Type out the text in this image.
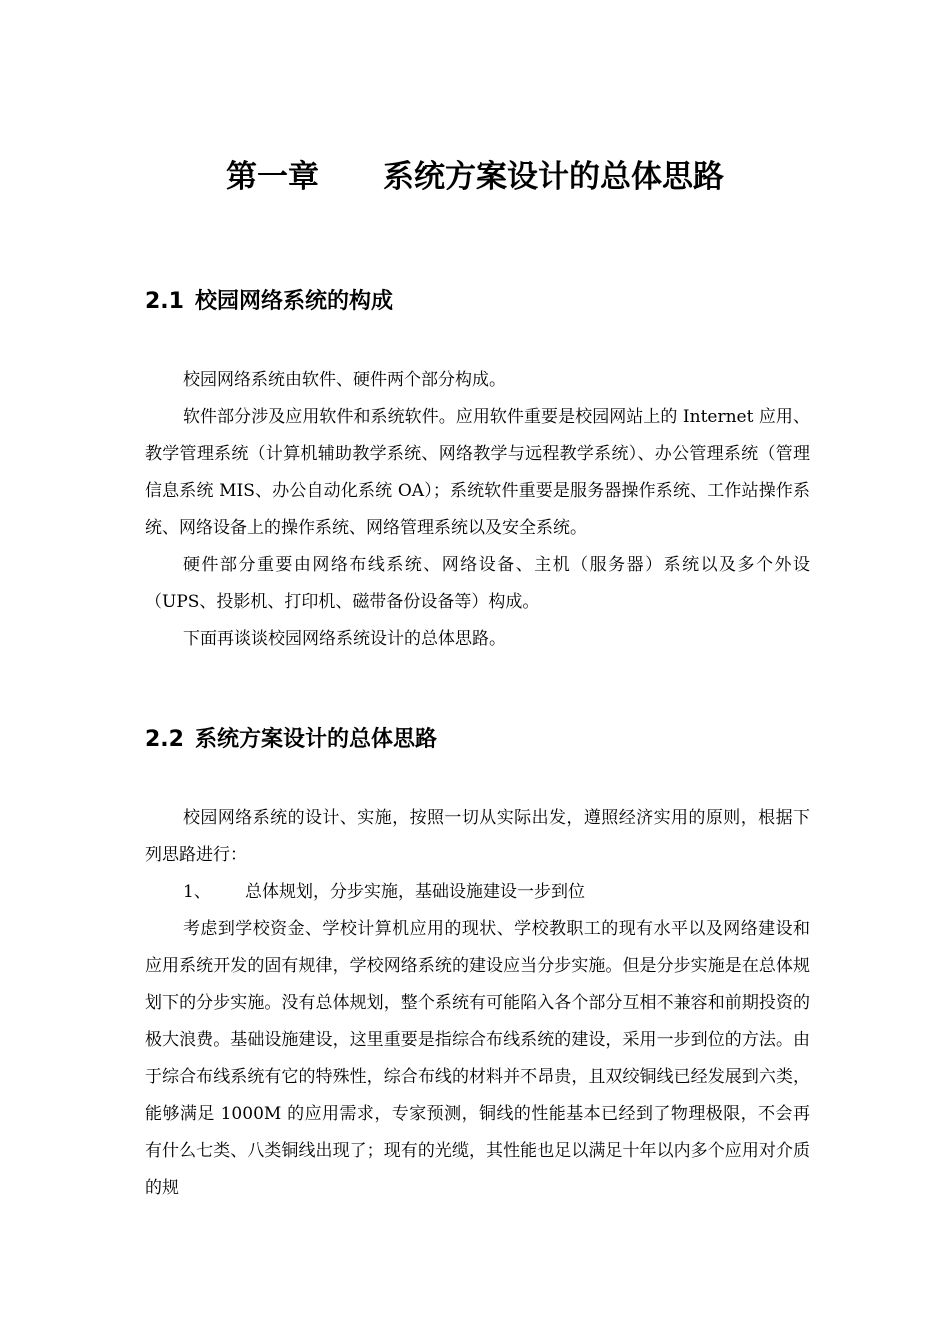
第一章 系统方案设计的总体思路
2.1 校园网络系统的构成

校园网络系统由软件、硬件两个部分构成。

软件部分涉及应用软件和系统软件。应用软件重要是校园网站上的 Internet 应用、教学管理系统（计算机辅助教学系统、网络教学与远程教学系统）、办公管理系统（管理信息系统 MIS、办公自动化系统 OA）；系统软件重要是服务器操作系统、工作站操作系统、网络设备上的操作系统、网络管理系统以及安全系统。

硬件部分重要由网络布线系统、网络设备、主机（服务器）系统以及多个外设（UPS、投影机、打印机、磁带备份设备等）构成。

下面再谈谈校园网络系统设计的总体思路。

2.2 系统方案设计的总体思路

校园网络系统的设计、实施，按照一切从实际出发，遵照经济实用的原则，根据下列思路进行：

1、 总体规划，分步实施，基础设施建设一步到位

考虑到学校资金、学校计算机应用的现状、学校教职工的现有水平以及网络建设和应用系统开发的固有规律，学校网络系统的建设应当分步实施。但是分步实施是在总体规划下的分步实施。没有总体规划，整个系统有可能陷入各个部分互相不兼容和前期投资的极大浪费。基础设施建设，这里重要是指综合布线系统的建设，采用一步到位的方法。由于综合布线系统有它的特殊性，综合布线的材料并不昂贵，且双绞铜线已经发展到六类，能够满足 1000M 的应用需求，专家预测，铜线的性能基本已经到了物理极限，不会再有什么七类、八类铜线出现了；现有的光缆，其性能也足以满足十年以内多个应用对介质的规
